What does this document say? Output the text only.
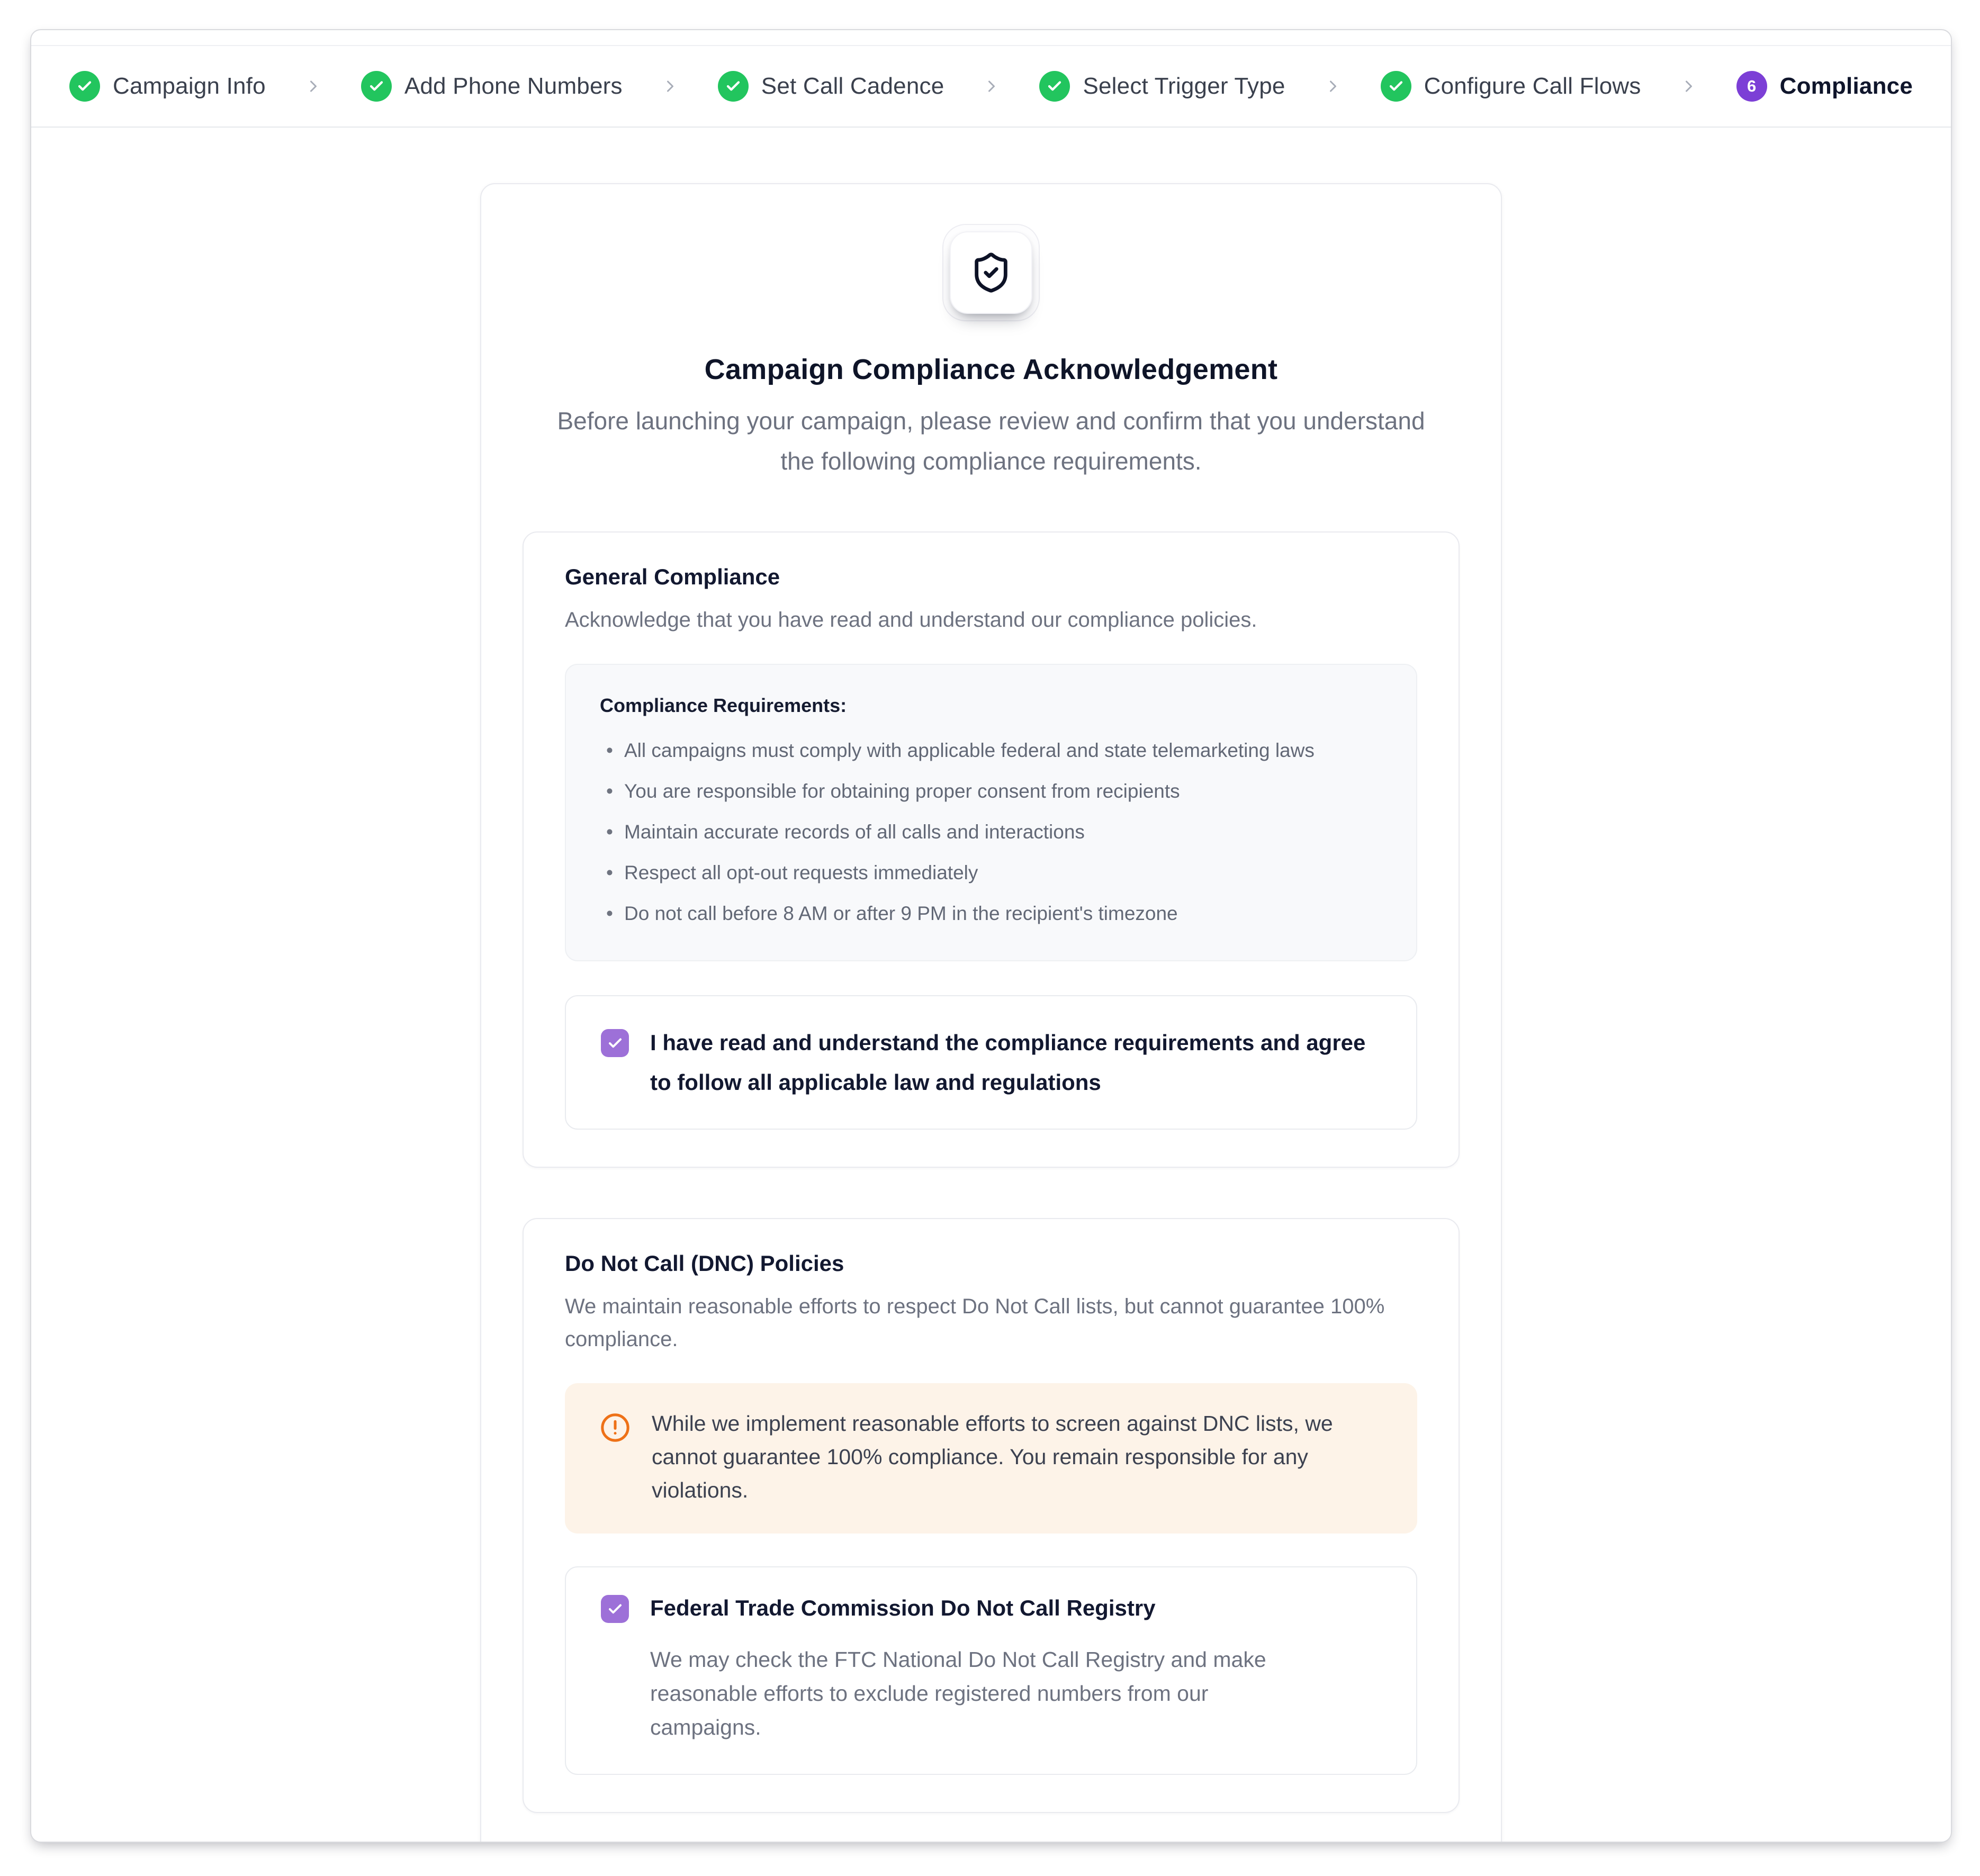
Campaign Info	Add Phone Numbers	Set Call Cadence	Select Trigger Type	Configure Call Flows	6	Compliance
Campaign Compliance Acknowledgement

Before launching your campaign, please review and confirm that you understand the following compliance requirements.

General Compliance

Acknowledge that you have read and understand our compliance policies.

Compliance Requirements:
• All campaigns must comply with applicable federal and state telemarketing laws
• You are responsible for obtaining proper consent from recipients
• Maintain accurate records of all calls and interactions
• Respect all opt-out requests immediately
• Do not call before 8 AM or after 9 PM in the recipient's timezone
I have read and understand the compliance requirements and agree to follow all applicable law and regulations
Do Not Call (DNC) Policies

We maintain reasonable efforts to respect Do Not Call lists, but cannot guarantee 100% compliance.

While we implement reasonable efforts to screen against DNC lists, we cannot guarantee 100% compliance. You remain responsible for any violations.
Federal Trade Commission Do Not Call Registry
We may check the FTC National Do Not Call Registry and make reasonable efforts to exclude registered numbers from our campaigns.
